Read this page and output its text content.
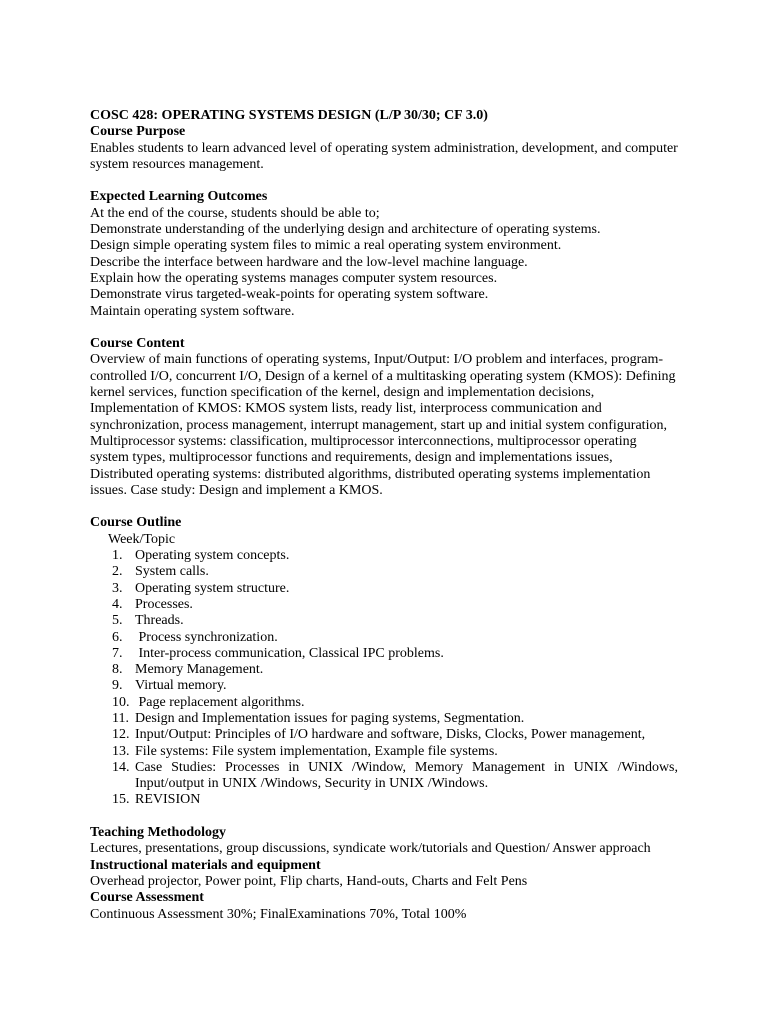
COSC 428: OPERATING SYSTEMS DESIGN (L/P 30/30; CF 3.0)

Course Purpose

Enables students to learn advanced level of operating system administration, development, and computer system resources management.

Expected Learning Outcomes

At the end of the course, students should be able to;

Demonstrate understanding of the underlying design and architecture of operating systems.

Design simple operating system files to mimic a real operating system environment.

Describe the interface between hardware and the low-level machine language.

Explain how the operating systems manages computer system resources.

Demonstrate virus targeted-weak-points for operating system software.

Maintain operating system software.

Course Content

Overview of main functions of operating systems, Input/Output: I/O problem and interfaces, program-controlled I/O, concurrent I/O, Design of a kernel of a multitasking operating system (KMOS): Defining kernel services, function specification of the kernel, design and implementation decisions, Implementation of KMOS: KMOS system lists, ready list, interprocess communication and synchronization, process management, interrupt management, start up and initial system configuration, Multiprocessor systems: classification, multiprocessor interconnections, multiprocessor operating system types, multiprocessor functions and requirements, design and implementations issues, Distributed operating systems: distributed algorithms, distributed operating systems implementation issues. Case study: Design and implement a KMOS.

Course Outline

Week/Topic

1. Operating system concepts.
2. System calls.
3. Operating system structure.
4. Processes.
5. Threads.
6. Process synchronization.
7. Inter-process communication, Classical IPC problems.
8. Memory Management.
9. Virtual memory.
10. Page replacement algorithms.
11. Design and Implementation issues for paging systems, Segmentation.
12. Input/Output: Principles of I/O hardware and software, Disks, Clocks, Power management,
13. File systems: File system implementation, Example file systems.
14. Case Studies: Processes in UNIX /Window, Memory Management in UNIX /Windows, Input/output in UNIX /Windows, Security in UNIX /Windows.
15. REVISION

Teaching Methodology

Lectures, presentations, group discussions, syndicate work/tutorials and Question/ Answer approach

Instructional materials and equipment

Overhead projector, Power point, Flip charts, Hand-outs, Charts and Felt Pens

Course Assessment

Continuous Assessment 30%; FinalExaminations 70%, Total 100%
